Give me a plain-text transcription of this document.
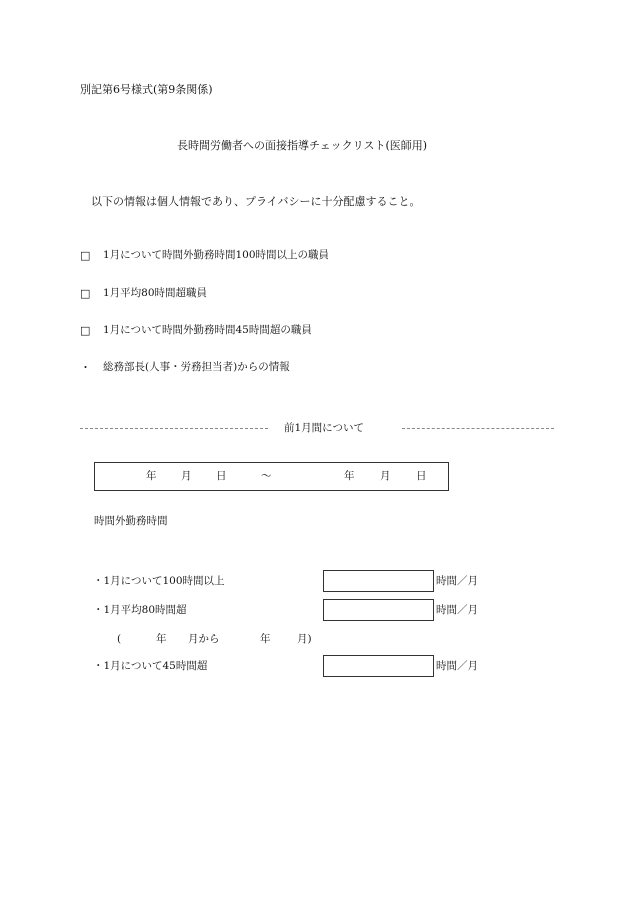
別記第6号様式(第9条関係)
長時間労働者への面接指導チェックリスト(医師用)
以下の情報は個人情報であり、プライバシーに十分配慮すること。
□ 1月について時間外勤務時間100時間以上の職員
□ 1月平均80時間超職員
□ 1月について時間外勤務時間45時間超の職員
・ 総務部長(人事・労務担当者)からの情報
前1月間について
年 月 日	～	年 月 日
時間外勤務時間
・1月について100時間以上	時間／月
・1月平均80時間超	時間／月
(	年 月から	年	月)
・1月について45時間超	時間／月
